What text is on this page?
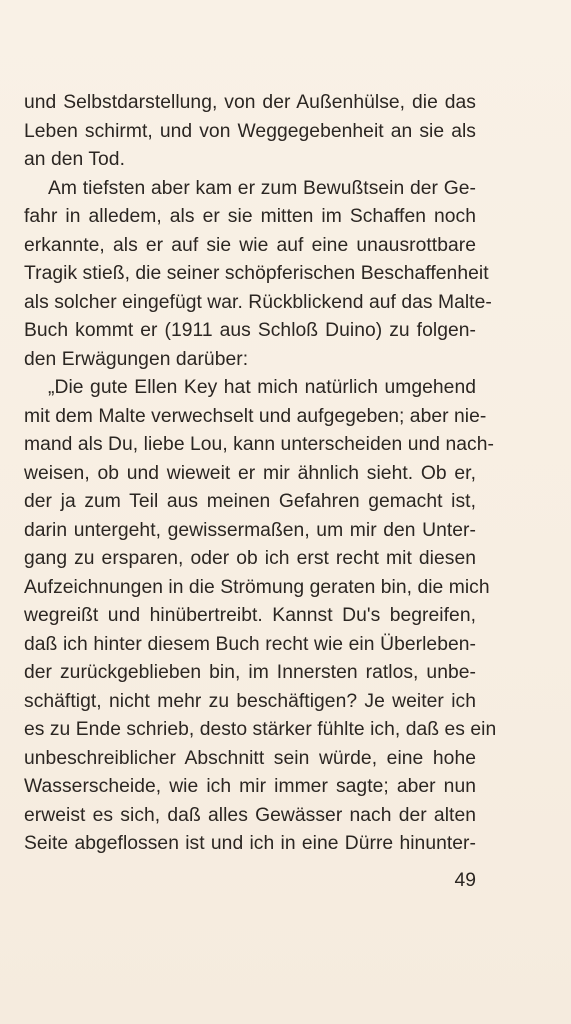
und Selbstdarstellung, von der Außenhülse, die das
Leben schirmt, und von Weggegebenheit an sie als
an den Tod.
Am tiefsten aber kam er zum Bewußtsein der Ge-
fahr in alledem, als er sie mitten im Schaffen noch
erkannte, als er auf sie wie auf eine unausrottbare
Tragik stieß, die seiner schöpferischen Beschaffenheit
als solcher eingefügt war. Rückblickend auf das Malte-
Buch kommt er (1911 aus Schloß Duino) zu folgen-
den Erwägungen darüber:
„Die gute Ellen Key hat mich natürlich umgehend
mit dem Malte verwechselt und aufgegeben; aber nie-
mand als Du, liebe Lou, kann unterscheiden und nach-
weisen, ob und wieweit er mir ähnlich sieht. Ob er,
der ja zum Teil aus meinen Gefahren gemacht ist,
darin untergeht, gewissermaßen, um mir den Unter-
gang zu ersparen, oder ob ich erst recht mit diesen
Aufzeichnungen in die Strömung geraten bin, die mich
wegreißt und hinübertreibt. Kannst Du's begreifen,
daß ich hinter diesem Buch recht wie ein Überleben-
der zurückgeblieben bin, im Innersten ratlos, unbe-
schäftigt, nicht mehr zu beschäftigen? Je weiter ich
es zu Ende schrieb, desto stärker fühlte ich, daß es ein
unbeschreiblicher Abschnitt sein würde, eine hohe
Wasserscheide, wie ich mir immer sagte; aber nun
erweist es sich, daß alles Gewässer nach der alten
Seite abgeflossen ist und ich in eine Dürre hinunter-
49
